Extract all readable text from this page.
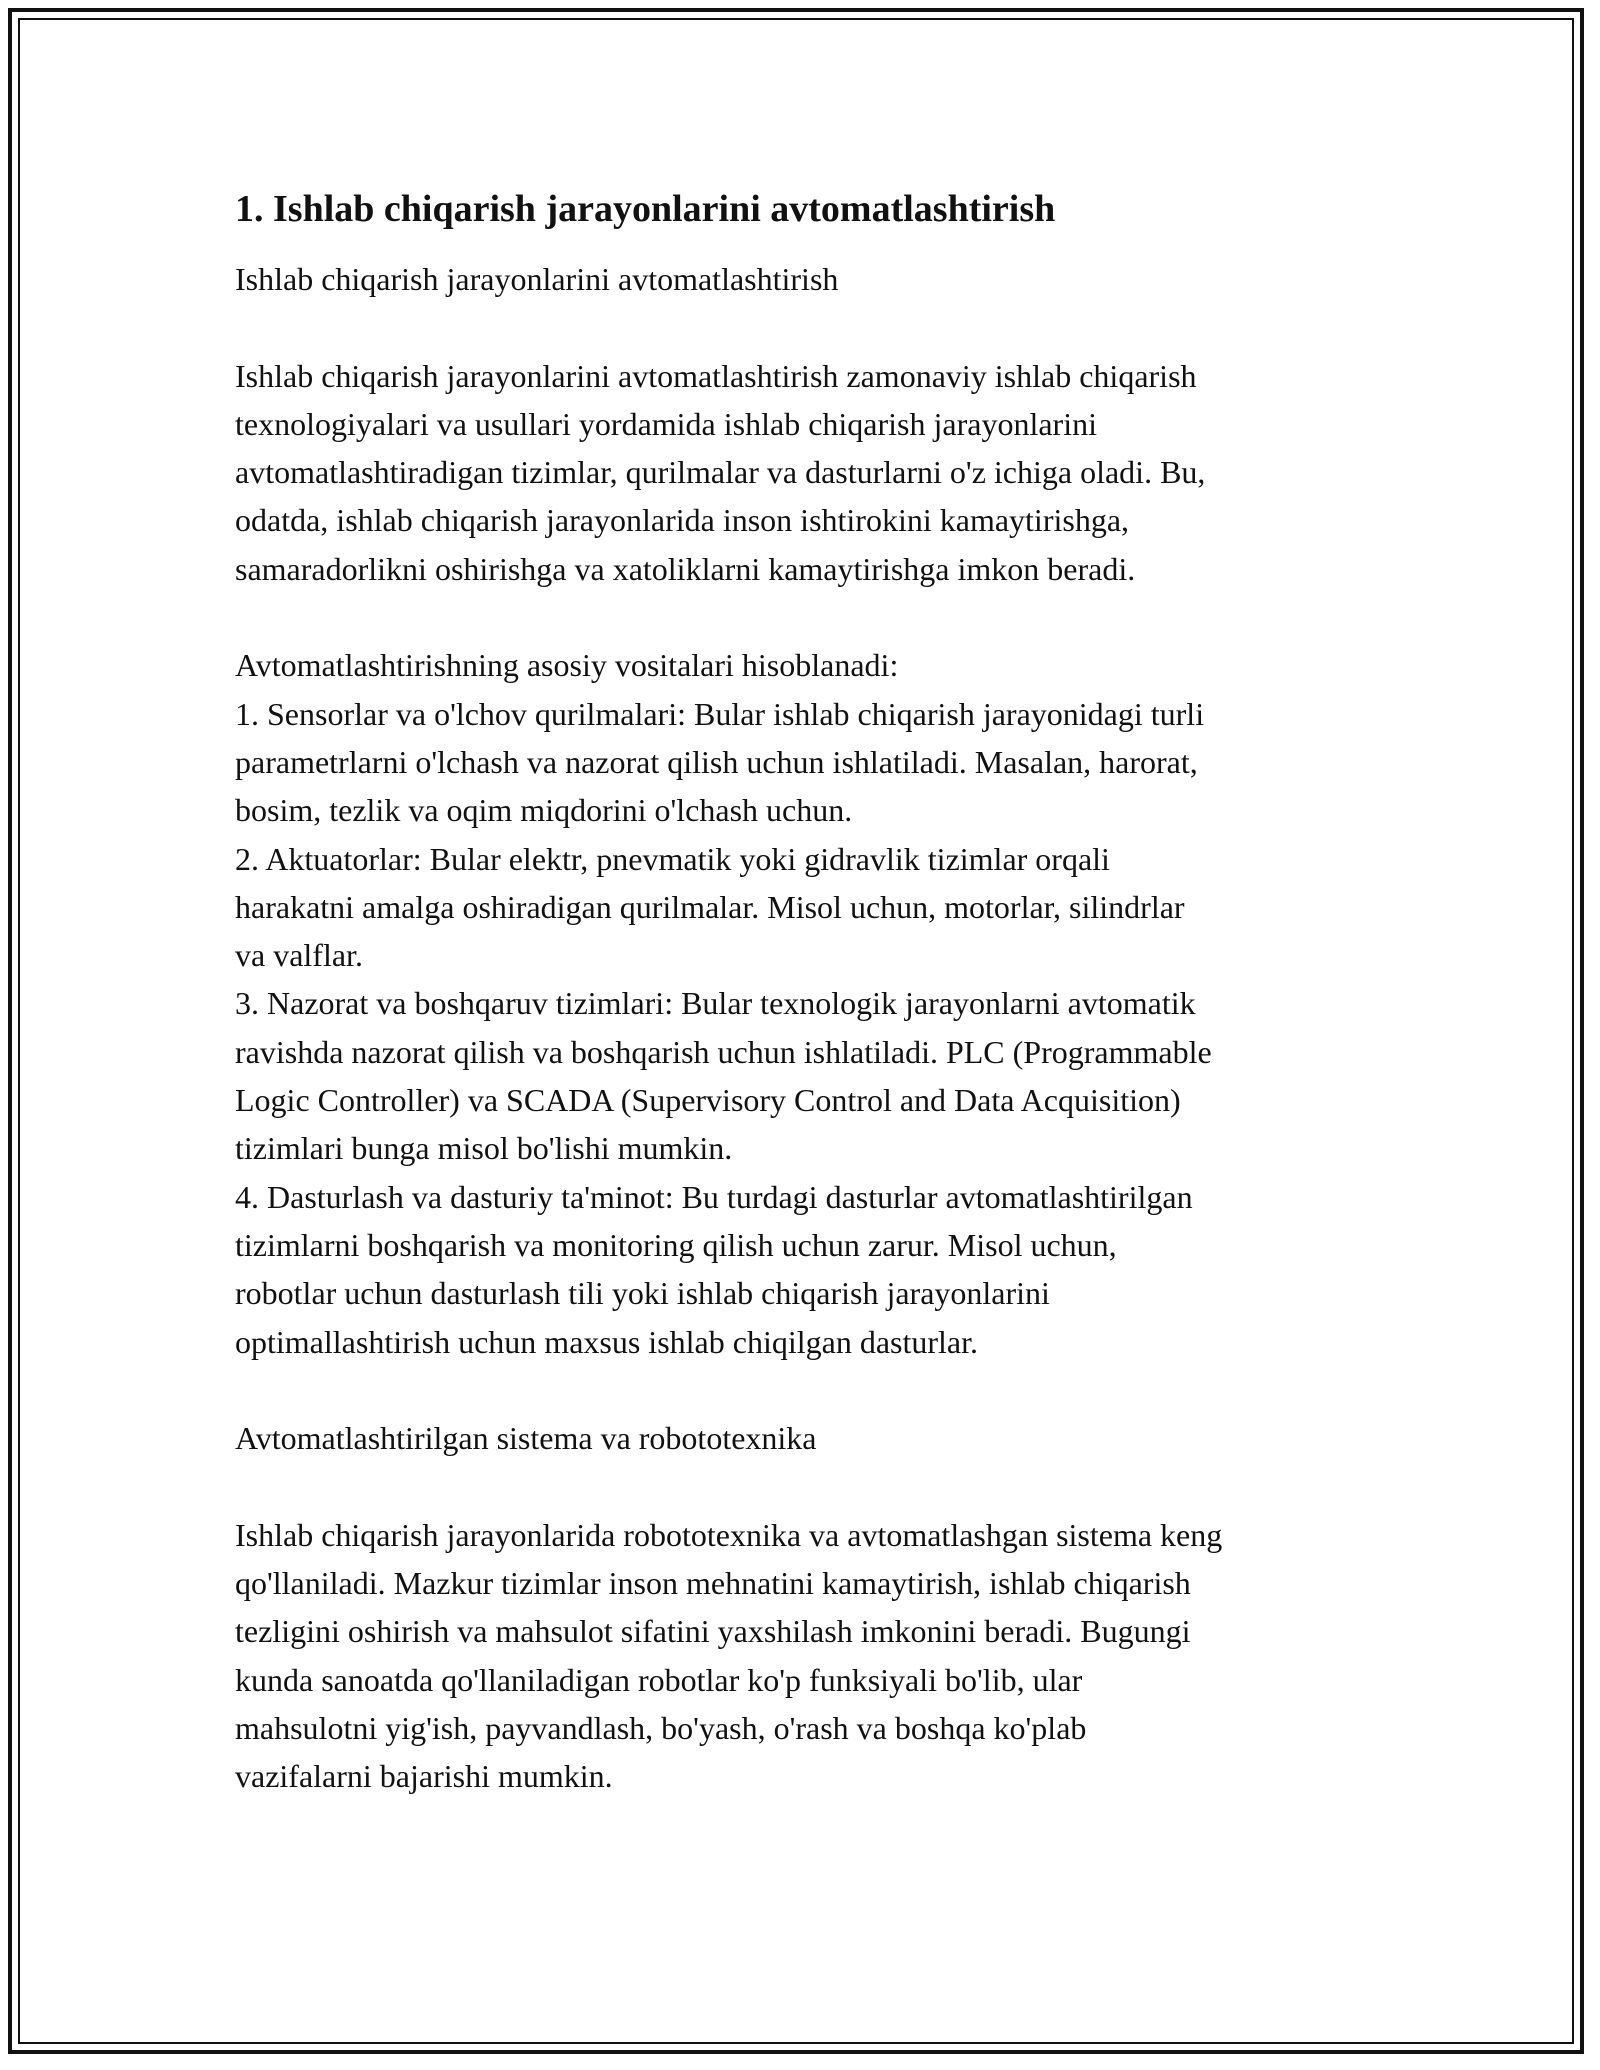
1. Ishlab chiqarish jarayonlarini avtomatlashtirish

Ishlab chiqarish jarayonlarini avtomatlashtirish

Ishlab chiqarish jarayonlarini avtomatlashtirish zamonaviy ishlab chiqarish

texnologiyalari va usullari yordamida ishlab chiqarish jarayonlarini

avtomatlashtiradigan tizimlar, qurilmalar va dasturlarni o'z ichiga oladi. Bu,

odatda, ishlab chiqarish jarayonlarida inson ishtirokini kamaytirishga,

samaradorlikni oshirishga va xatoliklarni kamaytirishga imkon beradi.

Avtomatlashtirishning asosiy vositalari hisoblanadi:

1. Sensorlar va o'lchov qurilmalari: Bular ishlab chiqarish jarayonidagi turli

parametrlarni o'lchash va nazorat qilish uchun ishlatiladi. Masalan, harorat,

bosim, tezlik va oqim miqdorini o'lchash uchun.

2. Aktuatorlar: Bular elektr, pnevmatik yoki gidravlik tizimlar orqali

harakatni amalga oshiradigan qurilmalar. Misol uchun, motorlar, silindrlar

va valflar.

3. Nazorat va boshqaruv tizimlari: Bular texnologik jarayonlarni avtomatik

ravishda nazorat qilish va boshqarish uchun ishlatiladi. PLC (Programmable

Logic Controller) va SCADA (Supervisory Control and Data Acquisition)

tizimlari bunga misol bo'lishi mumkin.

4. Dasturlash va dasturiy ta'minot: Bu turdagi dasturlar avtomatlashtirilgan

tizimlarni boshqarish va monitoring qilish uchun zarur. Misol uchun,

robotlar uchun dasturlash tili yoki ishlab chiqarish jarayonlarini

optimallashtirish uchun maxsus ishlab chiqilgan dasturlar.

Avtomatlashtirilgan sistema va robototexnika

Ishlab chiqarish jarayonlarida robototexnika va avtomatlashgan sistema keng

qo'llaniladi. Mazkur tizimlar inson mehnatini kamaytirish, ishlab chiqarish

tezligini oshirish va mahsulot sifatini yaxshilash imkonini beradi. Bugungi

kunda sanoatda qo'llaniladigan robotlar ko'p funksiyali bo'lib, ular

mahsulotni yig'ish, payvandlash, bo'yash, o'rash va boshqa ko'plab

vazifalarni bajarishi mumkin.
